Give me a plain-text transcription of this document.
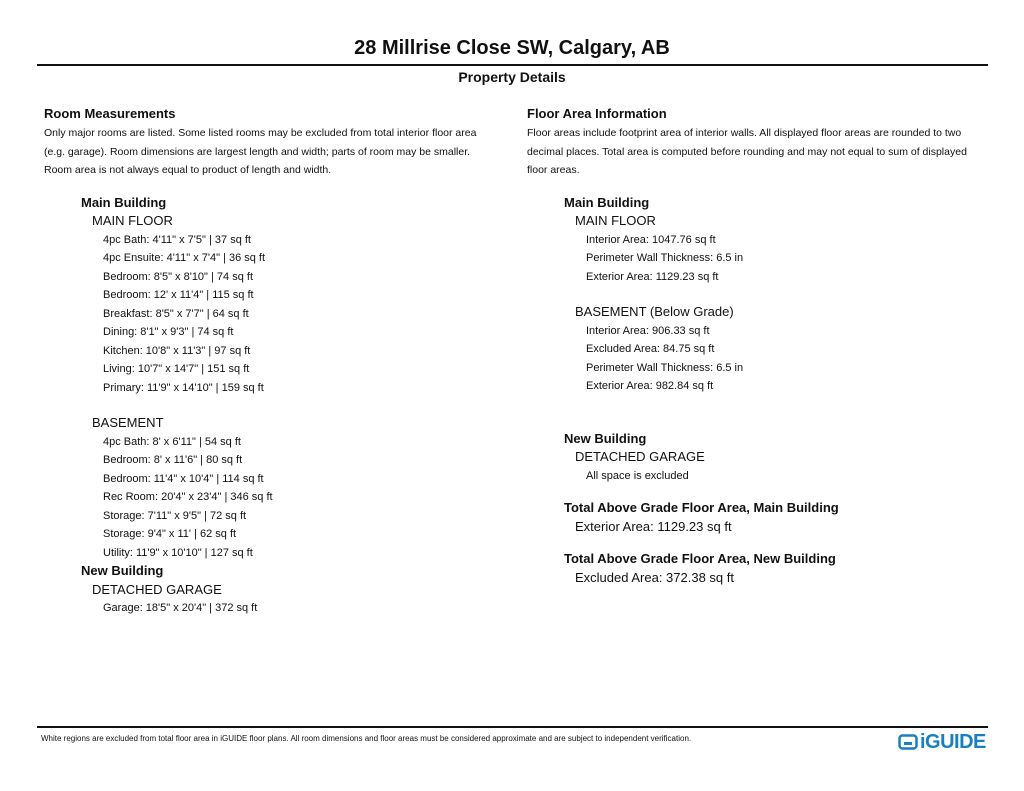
28 Millrise Close SW, Calgary, AB
Property Details
Room Measurements

Only major rooms are listed. Some listed rooms may be excluded from total interior floor area

(e.g. garage). Room dimensions are largest length and width; parts of room may be smaller.

Room area is not always equal to product of length and width.

Main Building
MAIN FLOOR
4pc Bath: 4'11" x 7'5" | 37 sq ft
4pc Ensuite: 4'11" x 7'4" | 36 sq ft
Bedroom: 8'5" x 8'10" | 74 sq ft
Bedroom: 12' x 11'4" | 115 sq ft
Breakfast: 8'5" x 7'7" | 64 sq ft
Dining: 8'1" x 9'3" | 74 sq ft
Kitchen: 10'8" x 11'3" | 97 sq ft
Living: 10'7" x 14'7" | 151 sq ft
Primary: 11'9" x 14'10" | 159 sq ft
BASEMENT
4pc Bath: 8' x 6'11" | 54 sq ft
Bedroom: 8' x 11'6" | 80 sq ft
Bedroom: 11'4" x 10'4" | 114 sq ft
Rec Room: 20'4" x 23'4" | 346 sq ft
Storage: 7'11" x 9'5" | 72 sq ft
Storage: 9'4" x 11' | 62 sq ft
Utility: 11'9" x 10'10" | 127 sq ft
New Building
DETACHED GARAGE
Garage: 18'5" x 20'4" | 372 sq ft
Floor Area Information

Floor areas include footprint area of interior walls. All displayed floor areas are rounded to two

decimal places. Total area is computed before rounding and may not equal to sum of displayed

floor areas.

Main Building
MAIN FLOOR
Interior Area: 1047.76 sq ft
Perimeter Wall Thickness: 6.5 in
Exterior Area: 1129.23 sq ft
BASEMENT (Below Grade)
Interior Area: 906.33 sq ft
Excluded Area: 84.75 sq ft
Perimeter Wall Thickness: 6.5 in
Exterior Area: 982.84 sq ft
New Building
DETACHED GARAGE
All space is excluded
Total Above Grade Floor Area, Main Building
Exterior Area: 1129.23 sq ft
Total Above Grade Floor Area, New Building
Excluded Area: 372.38 sq ft
White regions are excluded from total floor area in iGUIDE floor plans. All room dimensions and floor areas must be considered approximate and are subject to independent verification.	iGUIDE
